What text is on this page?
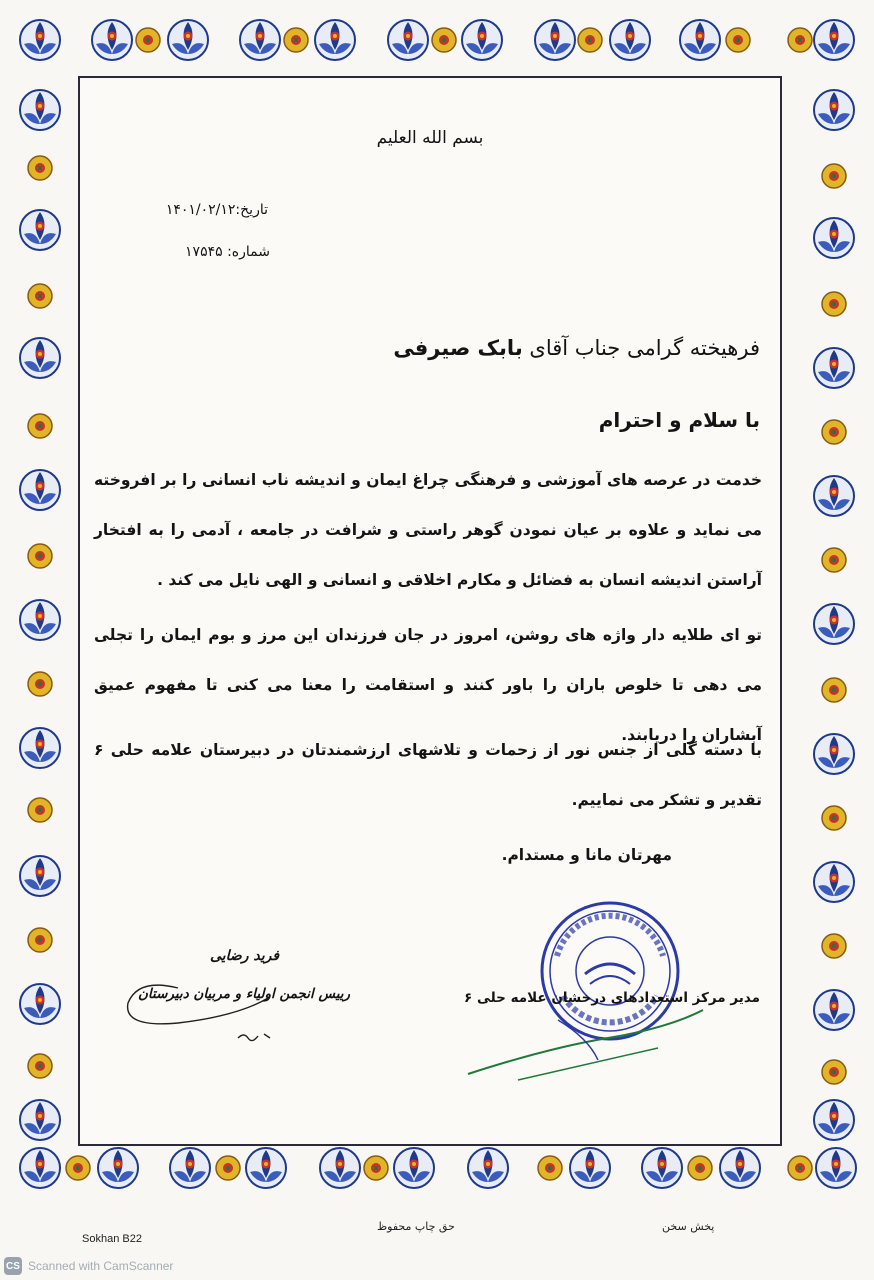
بسم الله العلیم
تاریخ:۱۴۰۱/۰۲/۱۲
شماره: ۱۷۵۴۵
فرهیخته گرامی جناب آقای بابک صیرفی
با سلام و احترام
خدمت در عرصه های آموزشی و فرهنگی چراغ ایمان و اندیشه ناب انسانی را بر افروخته می نماید و علاوه بر عیان نمودن گوهر راستی و شرافت در جامعه ، آدمی را به افتخار آراستن اندیشه انسان به فضائل و مکارم اخلاقی و انسانی و الهی نایل می کند .
تو ای طلایه دار واژه های روشن، امروز در جان فرزندان این مرز و بوم ایمان را تجلی می دهی تا خلوص باران را باور کنند و استقامت را معنا می کنی تا مفهوم عمیق آبشاران را دریابند.
با دسته گلی از جنس نور از زحمات و تلاشهای ارزشمندتان در دبیرستان علامه حلی ۶ تقدیر و تشکر می نماییم.
مهرتان مانا و مستدام.
فرید رضایی
رییس انجمن اولیاء و مربیان دبیرستان	مدیر مرکز استعدادهای درخشان علامه حلی ۶
Sokhan B22
حق چاپ محفوظ	پخش سخن
CS Scanned with CamScanner
